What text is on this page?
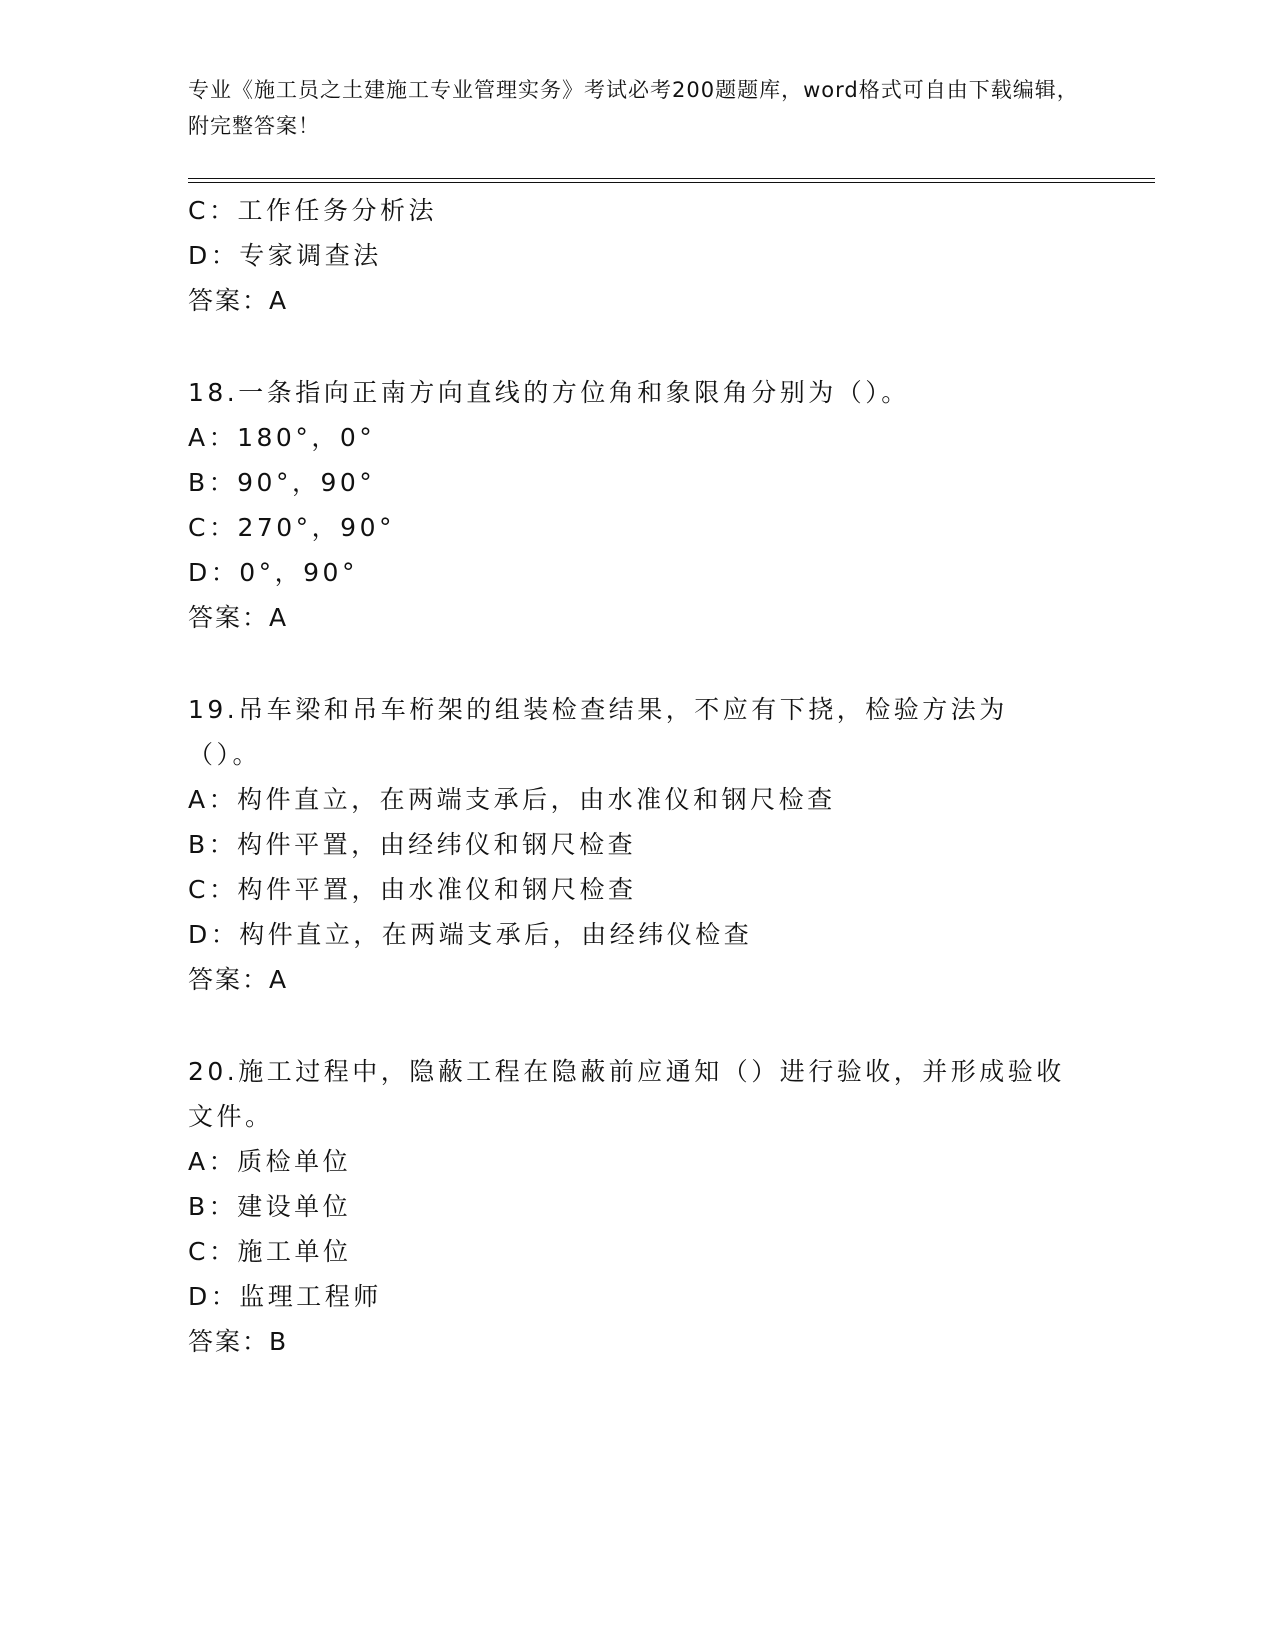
专业《施工员之土建施工专业管理实务》考试必考200题题库，word格式可自由下载编辑，附完整答案！
C：工作任务分析法
D：专家调查法
答案：A
18.一条指向正南方向直线的方位角和象限角分别为（）。
A：180°，0°
B：90°，90°
C：270°，90°
D：0°，90°
答案：A
19.吊车梁和吊车桁架的组装检查结果，不应有下挠，检验方法为（）。
A：构件直立，在两端支承后，由水准仪和钢尺检查
B：构件平置，由经纬仪和钢尺检查
C：构件平置，由水准仪和钢尺检查
D：构件直立，在两端支承后，由经纬仪检查
答案：A
20.施工过程中，隐蔽工程在隐蔽前应通知（）进行验收，并形成验收文件。
A：质检单位
B：建设单位
C：施工单位
D：监理工程师
答案：B
